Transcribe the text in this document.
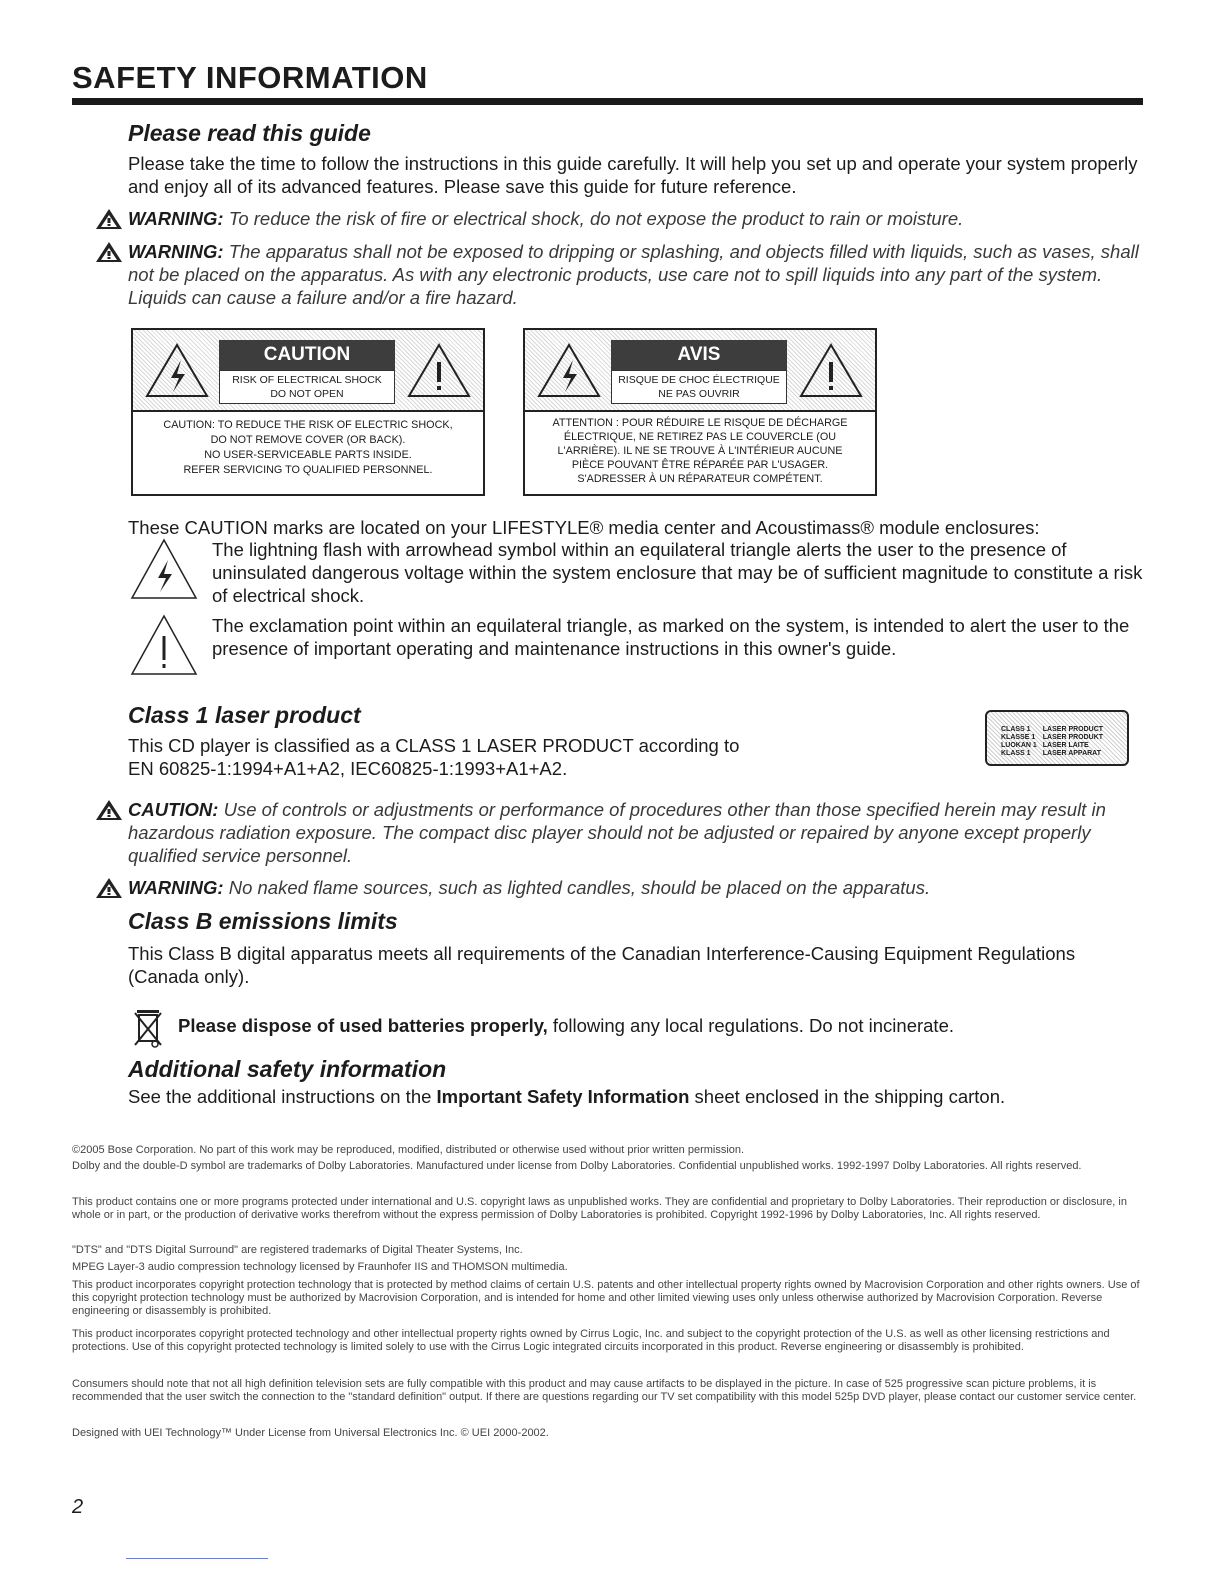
SAFETY INFORMATION
Please read this guide

Please take the time to follow the instructions in this guide carefully. It will help you set up and operate your system properly and enjoy all of its advanced features. Please save this guide for future reference.

WARNING: To reduce the risk of fire or electrical shock, do not expose the product to rain or moisture.

WARNING: The apparatus shall not be exposed to dripping or splashing, and objects filled with liquids, such as vases, shall not be placed on the apparatus. As with any electronic products, use care not to spill liquids into any part of the system. Liquids can cause a failure and/or a fire hazard.

CAUTION
RISK OF ELECTRICAL SHOCK
DO NOT OPEN
CAUTION: TO REDUCE THE RISK OF ELECTRIC SHOCK,
DO NOT REMOVE COVER (OR BACK).
NO USER-SERVICEABLE PARTS INSIDE.
REFER SERVICING TO QUALIFIED PERSONNEL.
AVIS
RISQUE DE CHOC ÉLECTRIQUE
NE PAS OUVRIR
ATTENTION : POUR RÉDUIRE LE RISQUE DE DÉCHARGE
ÉLECTRIQUE, NE RETIREZ PAS LE COUVERCLE (OU
L'ARRIÈRE). IL NE SE TROUVE À L'INTÉRIEUR AUCUNE
PIÈCE POUVANT ÊTRE RÉPARÉE PAR L'USAGER.
S'ADRESSER À UN RÉPARATEUR COMPÉTENT.

These CAUTION marks are located on your LIFESTYLE® media center and Acoustimass® module enclosures:

The lightning flash with arrowhead symbol within an equilateral triangle alerts the user to the presence of uninsulated dangerous voltage within the system enclosure that may be of sufficient magnitude to constitute a risk of electrical shock.

The exclamation point within an equilateral triangle, as marked on the system, is intended to alert the user to the presence of important operating and maintenance instructions in this owner's guide.

Class 1 laser product

This CD player is classified as a CLASS 1 LASER PRODUCT according to
EN 60825-1:1994+A1+A2, IEC60825-1:1993+A1+A2.

CLASS 1	LASER PRODUCT
KLASSE 1	LASER PRODUKT
LUOKAN 1	LASER LAITE
KLASS 1	LASER APPARAT

CAUTION: Use of controls or adjustments or performance of procedures other than those specified herein may result in hazardous radiation exposure. The compact disc player should not be adjusted or repaired by anyone except properly qualified service personnel.

WARNING: No naked flame sources, such as lighted candles, should be placed on the apparatus.

Class B emissions limits

This Class B digital apparatus meets all requirements of the Canadian Interference-Causing Equipment Regulations (Canada only).

Please dispose of used batteries properly, following any local regulations. Do not incinerate.

Additional safety information

See the additional instructions on the Important Safety Information sheet enclosed in the shipping carton.

©2005 Bose Corporation. No part of this work may be reproduced, modified, distributed or otherwise used without prior written permission.

Dolby and the double-D symbol are trademarks of Dolby Laboratories. Manufactured under license from Dolby Laboratories. Confidential unpublished works. 1992-1997 Dolby Laboratories. All rights reserved.

This product contains one or more programs protected under international and U.S. copyright laws as unpublished works. They are confidential and proprietary to Dolby Laboratories. Their reproduction or disclosure, in whole or in part, or the production of derivative works therefrom without the express permission of Dolby Laboratories is prohibited. Copyright 1992-1996 by Dolby Laboratories, Inc. All rights reserved.

"DTS" and "DTS Digital Surround" are registered trademarks of Digital Theater Systems, Inc.

MPEG Layer-3 audio compression technology licensed by Fraunhofer IIS and THOMSON multimedia.

This product incorporates copyright protection technology that is protected by method claims of certain U.S. patents and other intellectual property rights owned by Macrovision Corporation and other rights owners. Use of this copyright protection technology must be authorized by Macrovision Corporation, and is intended for home and other limited viewing uses only unless otherwise authorized by Macrovision Corporation. Reverse engineering or disassembly is prohibited.

This product incorporates copyright protected technology and other intellectual property rights owned by Cirrus Logic, Inc. and subject to the copyright protection of the U.S. as well as other licensing restrictions and protections. Use of this copyright protected technology is limited solely to use with the Cirrus Logic integrated circuits incorporated in this product. Reverse engineering or disassembly is prohibited.

Consumers should note that not all high definition television sets are fully compatible with this product and may cause artifacts to be displayed in the picture. In case of 525 progressive scan picture problems, it is recommended that the user switch the connection to the "standard definition" output. If there are questions regarding our TV set compatibility with this model 525p DVD player, please contact our customer service center.

Designed with UEI Technology™ Under License from Universal Electronics Inc. © UEI 2000-2002.

2
